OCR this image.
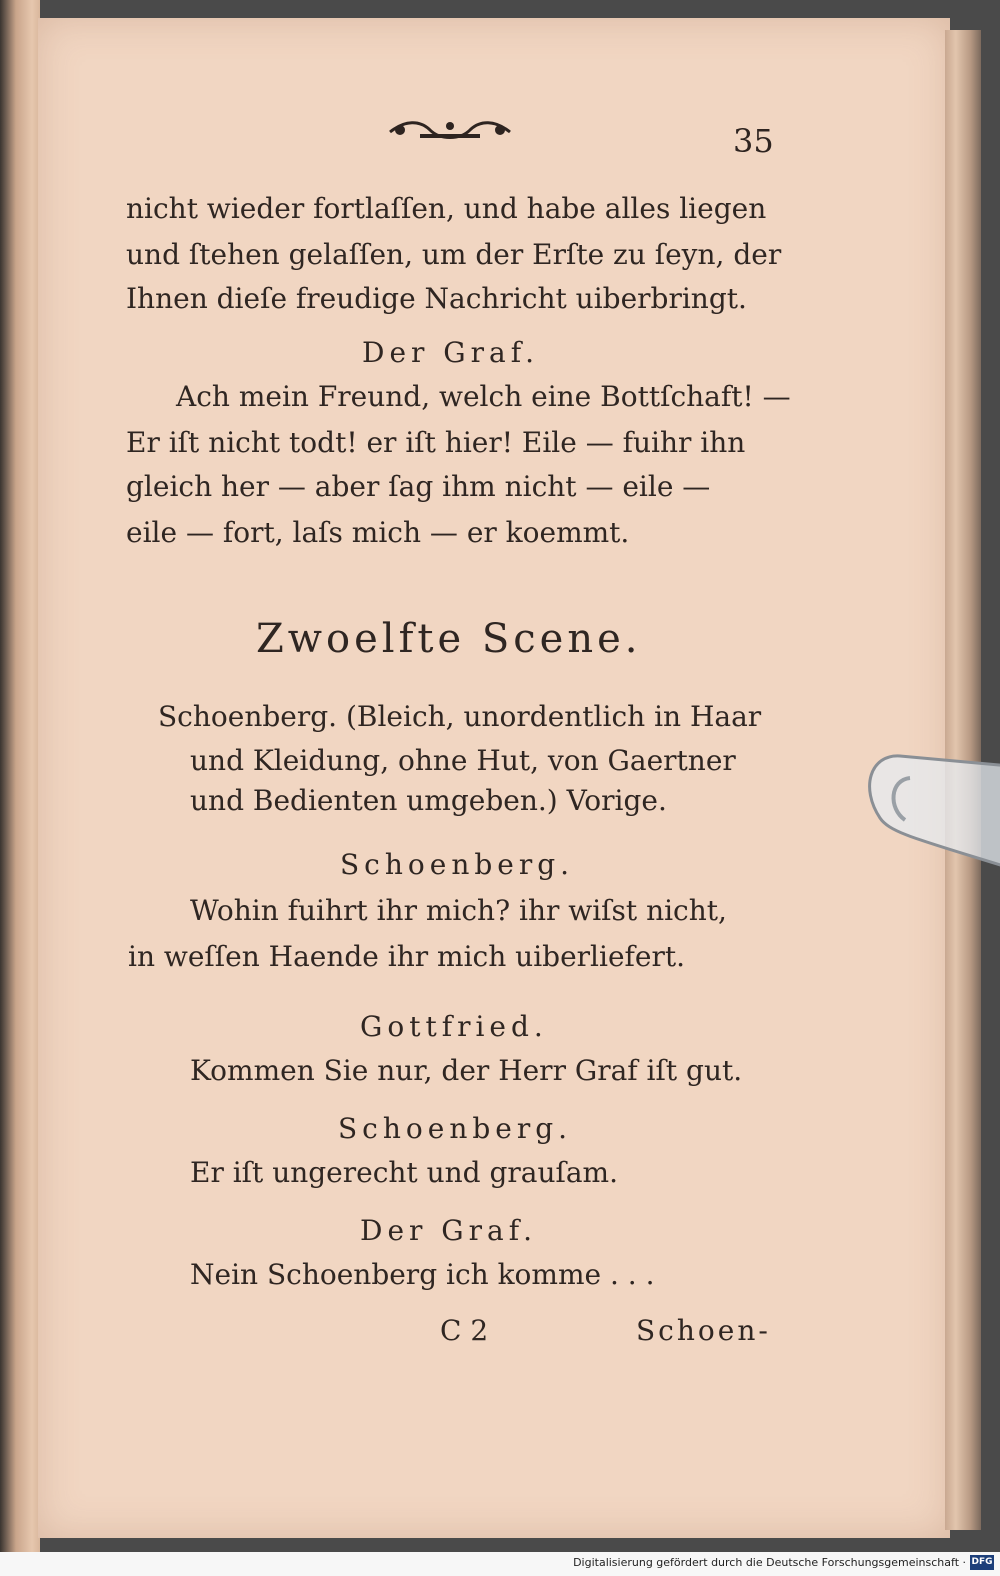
35
nicht wieder fortlaſſen, und habe alles liegen
und ſtehen gelaſſen, um der Erſte zu ſeyn, der
Ihnen dieſe freudige Nachricht uiberbringt.
Der Graf.
Ach mein Freund, welch eine Bottſchaft! —
Er iſt nicht todt! er iſt hier! Eile — fuihr ihn
gleich her — aber ſag ihm nicht — eile —
eile — fort, laſs mich — er koemmt.
Zwoelfte Scene.
Schoenberg. (Bleich, unordentlich in Haar
und Kleidung, ohne Hut, von Gaertner
und Bedienten umgeben.) Vorige.
Schoenberg.
Wohin fuihrt ihr mich? ihr wiſst nicht,
in weſſen Haende ihr mich uiberliefert.
Gottfried.
Kommen Sie nur, der Herr Graf iſt gut.
Schoenberg.
Er iſt ungerecht und grauſam.
Der Graf.
Nein Schoenberg ich komme . . .
C 2	Schoen-
Digitalisierung gefördert durch die Deutsche Forschungsgemeinschaft · DFG
